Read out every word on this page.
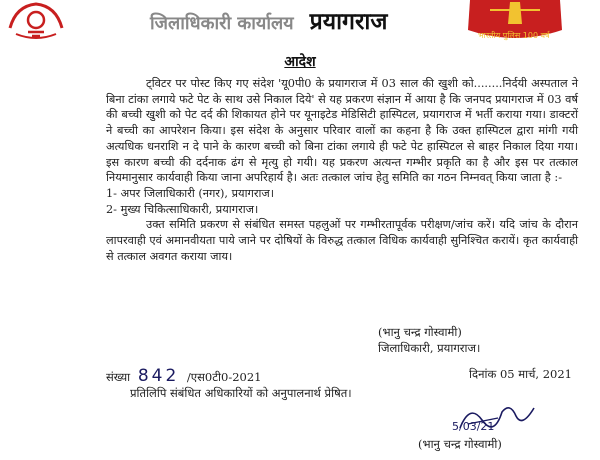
जिलाधिकारी कार्यालय प्रयागराज
भारतीय पुलिस 100 वर्ष
आदेश

ट्विटर पर पोस्ट किए गए संदेश 'यू0पी0 के प्रयागराज में 03 साल की खुशी को........निर्दयी अस्पताल ने बिना टांका लगाये फटे पेट के साथ उसे निकाल दिये' से यह प्रकरण संज्ञान में आया है कि जनपद प्रयागराज में 03 वर्ष की बच्ची खुशी को पेट दर्द की शिकायत होने पर यूनाइटेड मेडिसिटी हास्पिटल, प्रयागराज में भर्ती कराया गया। डाक्टरों ने बच्ची का आपरेशन किया। इस संदेश के अनुसार परिवार वालों का कहना है कि उक्त हास्पिटल द्वारा मांगी गयी अत्यधिक धनराशि न दे पाने के कारण बच्ची को बिना टांका लगाये ही फटे पेट हास्पिटल से बाहर निकाल दिया गया। इस कारण बच्ची की दर्दनाक ढंग से मृत्यु हो गयी। यह प्रकरण अत्यन्त गम्भीर प्रकृति का है और इस पर तत्काल नियमानुसार कार्यवाही किया जाना अपरिहार्य है। अतः तत्काल जांच हेतु समिति का गठन निम्नवत् किया जाता है :-

1- अपर जिलाधिकारी (नगर), प्रयागराज।

2- मुख्य चिकित्साधिकारी, प्रयागराज।

उक्त समिति प्रकरण से संबंधित समस्त पहलुओं पर गम्भीरतापूर्वक परीक्षण/जांच करें। यदि जांच के दौरान लापरवाही एवं अमानवीयता पाये जाने पर दोषियों के विरुद्ध तत्काल विधिक कार्यवाही सुनिश्चित करायें। कृत कार्यवाही से तत्काल अवगत कराया जाय।

(भानु चन्द्र गोस्वामी)
जिलाधिकारी, प्रयागराज।
संख्या 842 /एस0टी0-2021	दिनांक 05 मार्च, 2021
प्रतिलिपि संबंधित अधिकारियों को अनुपालनार्थ प्रेषित।
5/03/21
(भानु चन्द्र गोस्वामी)
